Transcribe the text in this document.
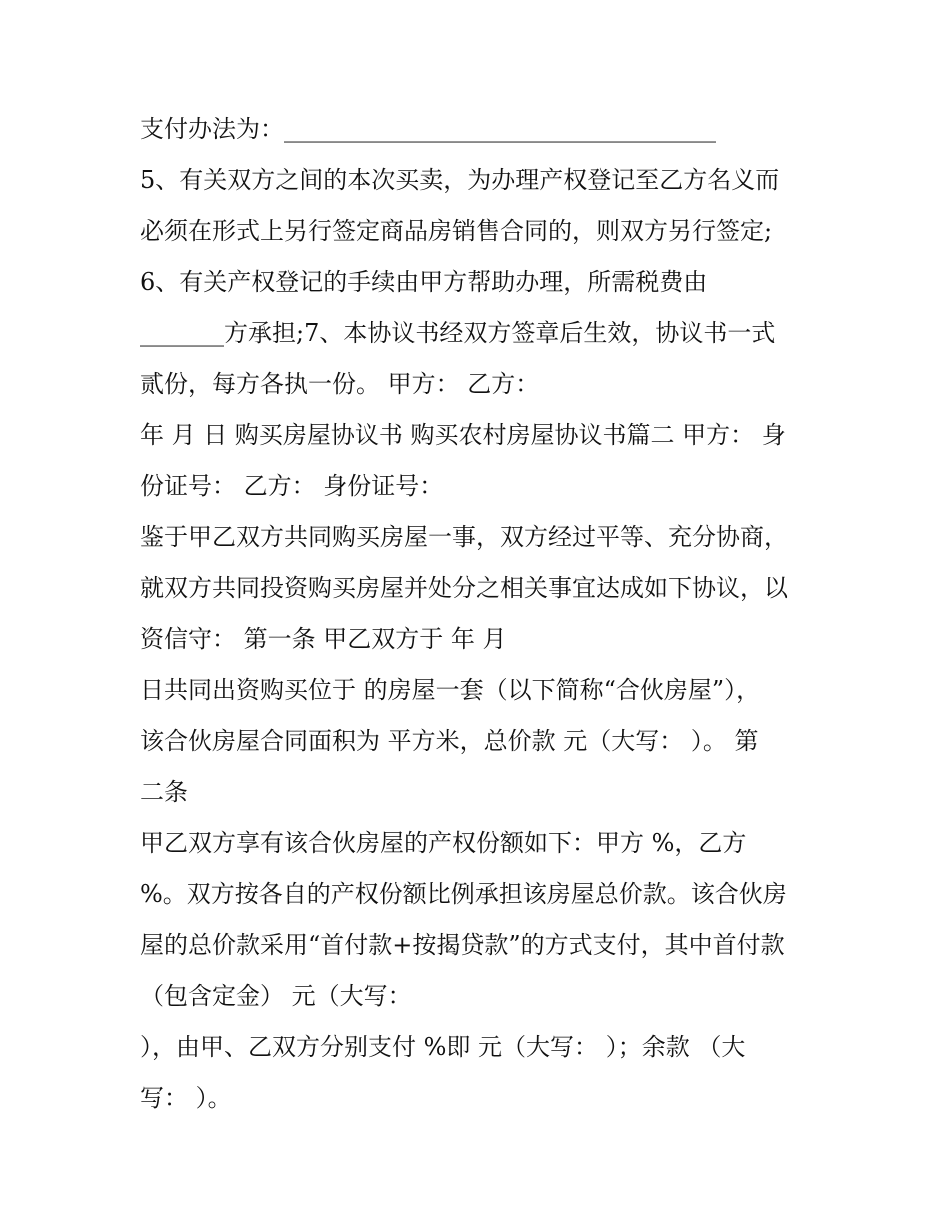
支付办法为：____________________________________
5、有关双方之间的本次买卖，为办理产权登记至乙方名义而
必须在形式上另行签定商品房销售合同的，则双方另行签定;
6、有关产权登记的手续由甲方帮助办理，所需税费由
_______方承担;7、本协议书经双方签章后生效，协议书一式
贰份，每方各执一份。 甲方： 乙方：
年 月 日 购买房屋协议书 购买农村房屋协议书篇二 甲方： 身
份证号： 乙方： 身份证号：
鉴于甲乙双方共同购买房屋一事，双方经过平等、充分协商，
就双方共同投资购买房屋并处分之相关事宜达成如下协议，以
资信守： 第一条 甲乙双方于 年 月
日共同出资购买位于 的房屋一套（以下简称“合伙房屋”），
该合伙房屋合同面积为 平方米，总价款 元（大写： ）。 第
二条
甲乙双方享有该合伙房屋的产权份额如下：甲方 %，乙方
%。双方按各自的产权份额比例承担该房屋总价款。该合伙房
屋的总价款采用“首付款+按揭贷款”的方式支付，其中首付款
（包含定金） 元（大写：
），由甲、乙双方分别支付 %即 元（大写： ）；余款 （大
写： ）。
